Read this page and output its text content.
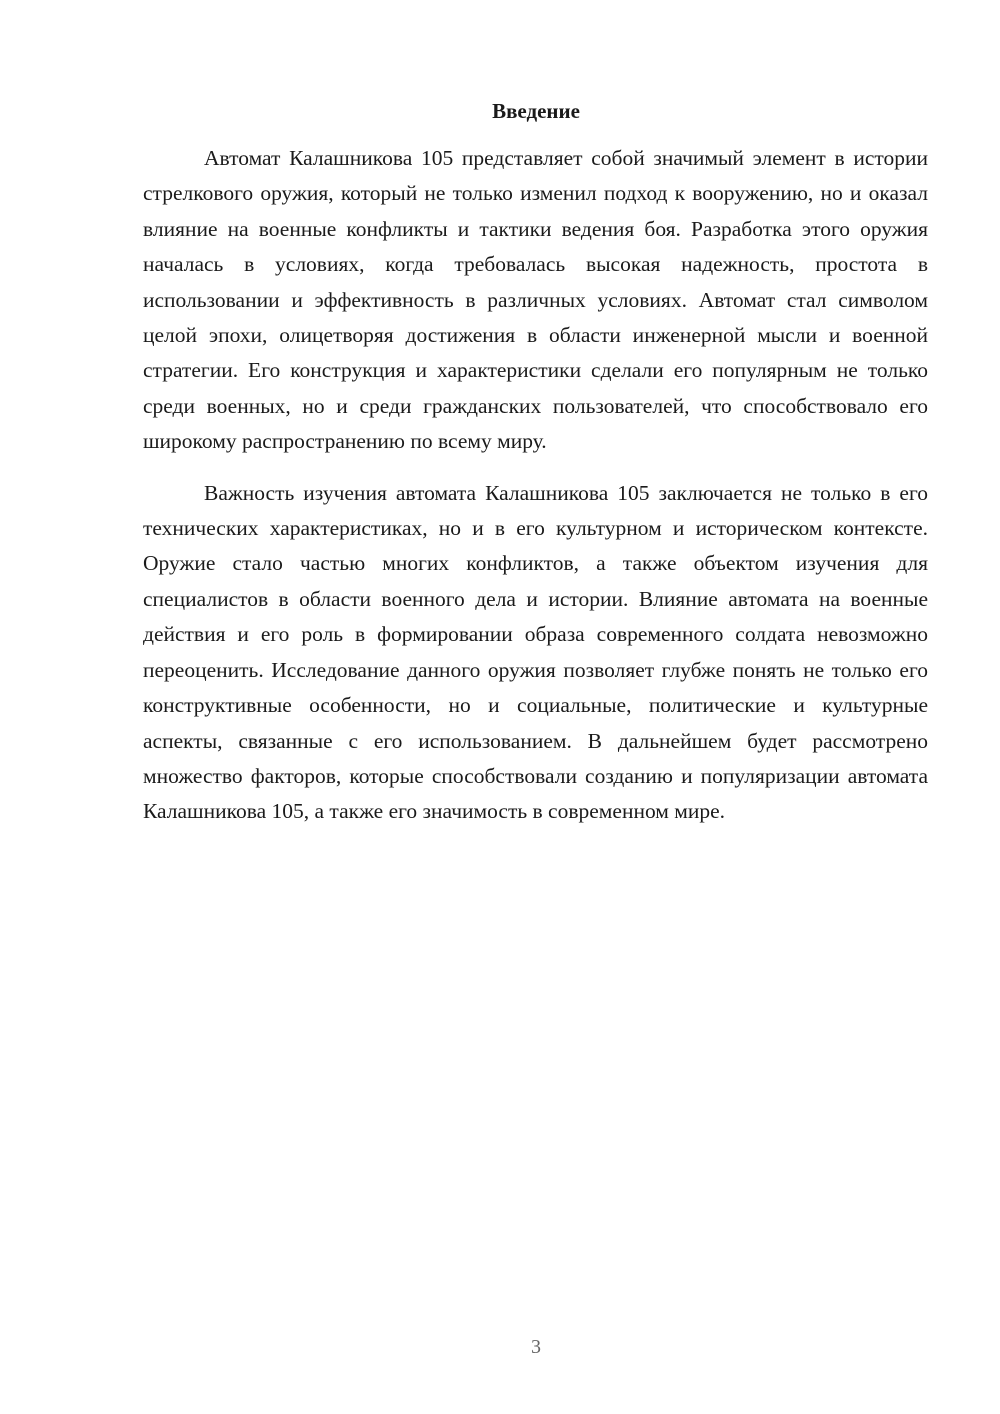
Введение

Автомат Калашникова 105 представляет собой значимый элемент в истории стрелкового оружия, который не только изменил подход к вооружению, но и оказал влияние на военные конфликты и тактики ведения боя. Разработка этого оружия началась в условиях, когда требовалась высокая надежность, простота в использовании и эффективность в различных условиях. Автомат стал символом целой эпохи, олицетворяя достижения в области инженерной мысли и военной стратегии. Его конструкция и характеристики сделали его популярным не только среди военных, но и среди гражданских пользователей, что способствовало его широкому распространению по всему миру.

Важность изучения автомата Калашникова 105 заключается не только в его технических характеристиках, но и в его культурном и историческом контексте. Оружие стало частью многих конфликтов, а также объектом изучения для специалистов в области военного дела и истории. Влияние автомата на военные действия и его роль в формировании образа современного солдата невозможно переоценить. Исследование данного оружия позволяет глубже понять не только его конструктивные особенности, но и социальные, политические и культурные аспекты, связанные с его использованием. В дальнейшем будет рассмотрено множество факторов, которые способствовали созданию и популяризации автомата Калашникова 105, а также его значимость в современном мире.

3
